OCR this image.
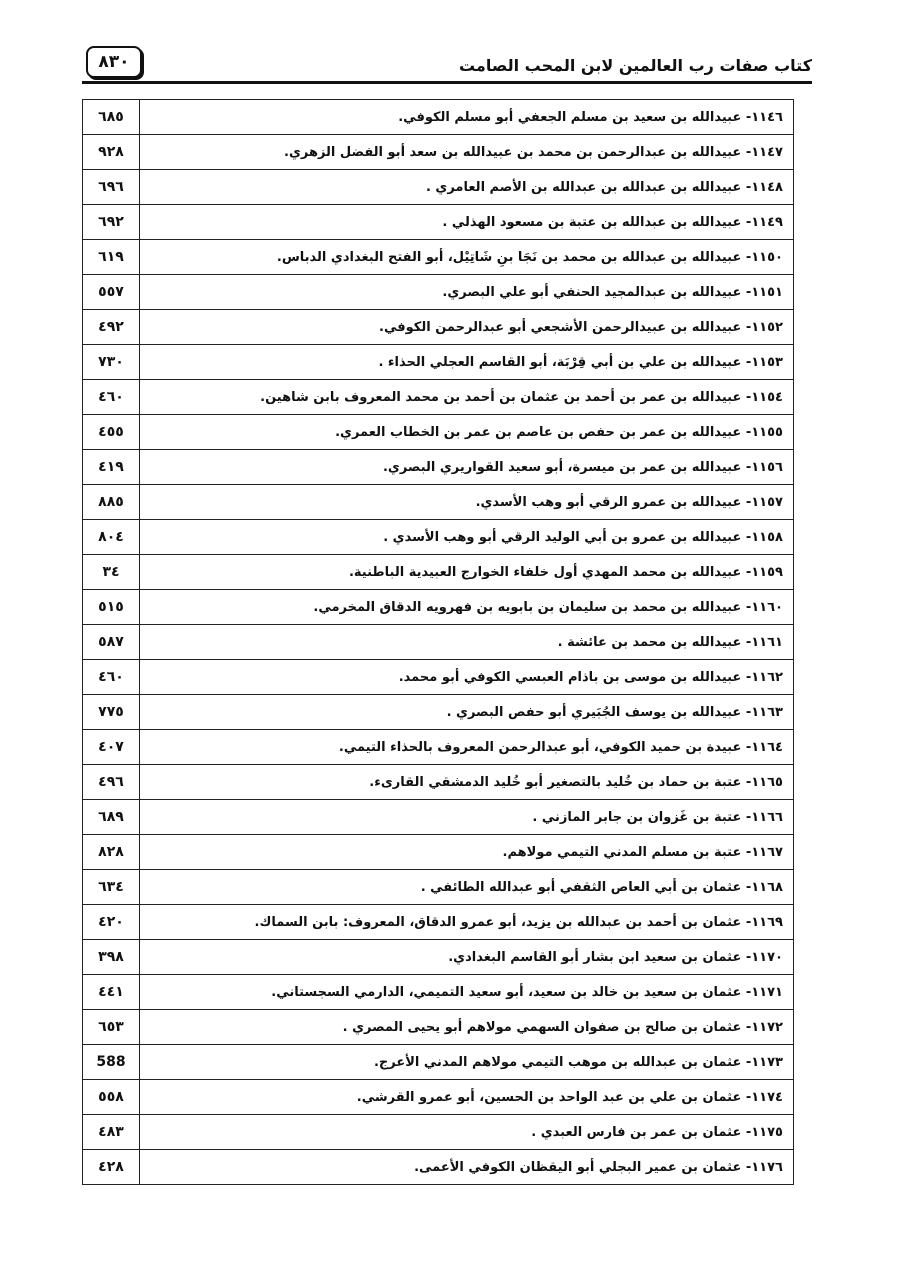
٨٣٠	كتاب صفات رب العالمين لابن المحب الصامت
٦٨٥	١١٤٦- عبيدالله بن سعيد بن مسلم الجعفي أبو مسلم الكوفي.
٩٢٨	١١٤٧- عبيدالله بن عبدالرحمن بن محمد بن عبيدالله بن سعد أبو الفضل الزهري.
٦٩٦	١١٤٨- عبيدالله بن عبدالله بن عبدالله بن الأصم العامري .
٦٩٢	١١٤٩- عبيدالله بن عبدالله بن عتبة بن مسعود الهذلي .
٦١٩	١١٥٠- عبيدالله بن عبدالله بن محمد بن نَجَا بنِ شَاتِيْل، أبو الفتح البغدادي الدباس.
٥٥٧	١١٥١- عبيدالله بن عبدالمجيد الحنفي أبو علي البصري.
٤٩٢	١١٥٢- عبيدالله بن عبيدالرحمن الأشجعي أبو عبدالرحمن الكوفي.
٧٣٠	١١٥٣- عبيدالله بن علي بن أبي قِرْبَة، أبو القاسم العجلي الحذاء .
٤٦٠	١١٥٤- عبيدالله بن عمر بن أحمد بن عثمان بن أحمد بن محمد المعروف بابن شاهين.
٤٥٥	١١٥٥- عبيدالله بن عمر بن حفص بن عاصم بن عمر بن الخطاب العمري.
٤١٩	١١٥٦- عبيدالله بن عمر بن ميسرة، أبو سعيد القواريري البصري.
٨٨٥	١١٥٧- عبيدالله بن عمرو الرقي أبو وهب الأسدي.
٨٠٤	١١٥٨- عبيدالله بن عمرو بن أبي الوليد الرقي أبو وهب الأسدي .
٣٤	١١٥٩- عبيدالله بن محمد المهدي أول خلفاء الخوارج العبيدية الباطنية.
٥١٥	١١٦٠- عبيدالله بن محمد بن سليمان بن بابويه بن فهرويه الدقاق المخرمي.
٥٨٧	١١٦١- عبيدالله بن محمد بن عائشة .
٤٦٠	١١٦٢- عبيدالله بن موسى بن باذام العبسي الكوفي أبو محمد.
٧٧٥	١١٦٣- عبيدالله بن يوسف الجُبَيري أبو حفص البصري .
٤٠٧	١١٦٤- عبيدة بن حميد الكوفي، أبو عبدالرحمن المعروف بالحذاء التيمي.
٤٩٦	١١٦٥- عتبة بن حماد بن خُليد بالتصغير أبو خُليد الدمشقي القارىء.
٦٨٩	١١٦٦- عتبة بن غَزوان بن جابر المازني .
٨٢٨	١١٦٧- عتبة بن مسلم المدني التيمي مولاهم.
٦٣٤	١١٦٨- عثمان بن أبي العاص الثقفي أبو عبدالله الطائفي .
٤٢٠	١١٦٩- عثمان بن أحمد بن عبدالله بن يزيد، أبو عمرو الدقاق، المعروف: بابن السماك.
٣٩٨	١١٧٠- عثمان بن سعيد ابن بشار أبو القاسم البغدادي.
٤٤١	١١٧١- عثمان بن سعيد بن خالد بن سعيد، أبو سعيد التميمي، الدارمي السجستاني.
٦٥٣	١١٧٢- عثمان بن صالح بن صفوان السهمي مولاهم أبو يحيى المصري .
588	١١٧٣- عثمان بن عبدالله بن موهب التيمي مولاهم المدني الأعرج.
٥٥٨	١١٧٤- عثمان بن علي بن عبد الواحد بن الحسين، أبو عمرو القرشي.
٤٨٣	١١٧٥- عثمان بن عمر بن فارس العبدي .
٤٢٨	١١٧٦- عثمان بن عمير البجلي أبو اليقظان الكوفي الأعمى.
